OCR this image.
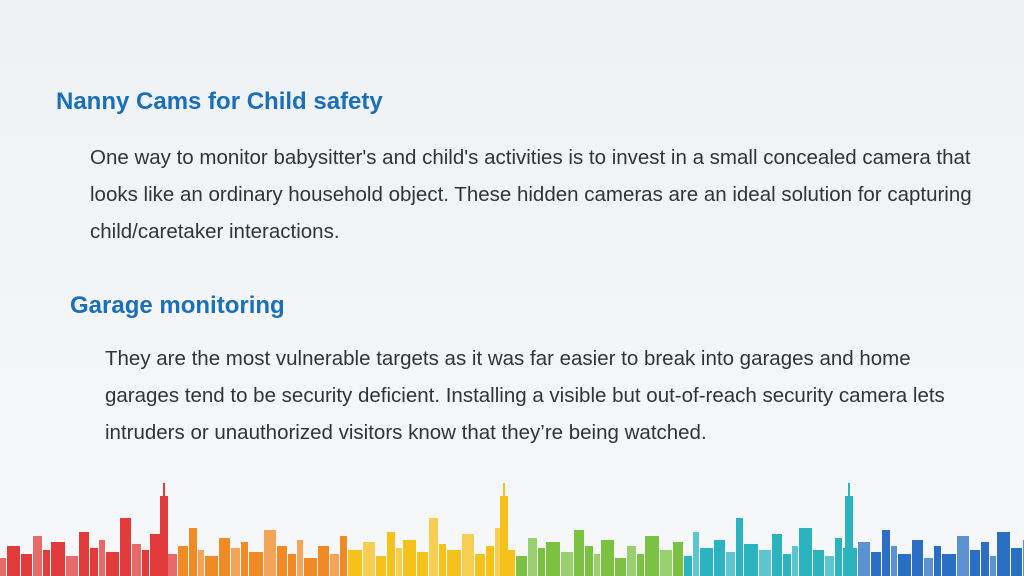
Nanny Cams for Child safety

One way to monitor babysitter's and child's activities is to invest in a small concealed camera that looks like an ordinary household object. These hidden cameras are an ideal solution for capturing child/caretaker interactions.

Garage monitoring

They are the most vulnerable targets as it was far easier to break into garages and home garages tend to be security deficient. Installing a visible but out-of-reach security camera lets intruders or unauthorized visitors know that they’re being watched.
